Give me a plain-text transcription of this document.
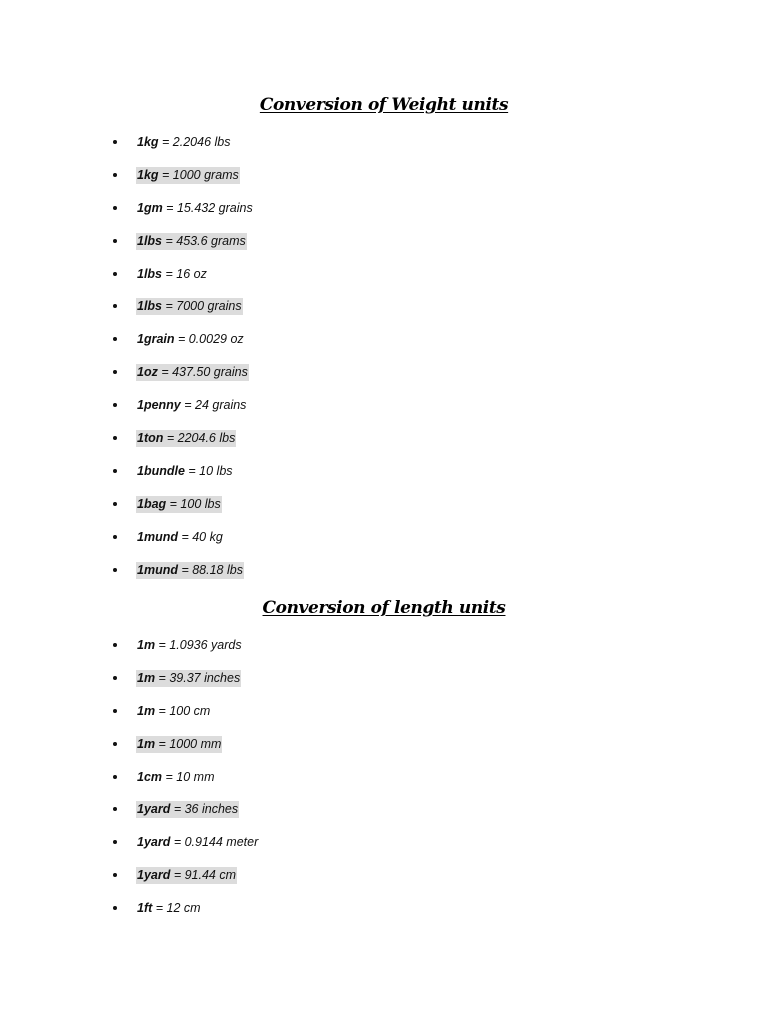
Conversion of Weight units
1kg = 2.2046 lbs
1kg = 1000 grams
1gm = 15.432 grains
1lbs = 453.6 grams
1lbs = 16 oz
1lbs = 7000 grains
1grain = 0.0029 oz
1oz = 437.50 grains
1penny = 24 grains
1ton = 2204.6 lbs
1bundle = 10 lbs
1bag = 100 lbs
1mund = 40 kg
1mund = 88.18 lbs
Conversion of length units
1m = 1.0936 yards
1m = 39.37 inches
1m = 100 cm
1m = 1000 mm
1cm = 10 mm
1yard = 36 inches
1yard = 0.9144 meter
1yard = 91.44 cm
1ft = 12 cm
